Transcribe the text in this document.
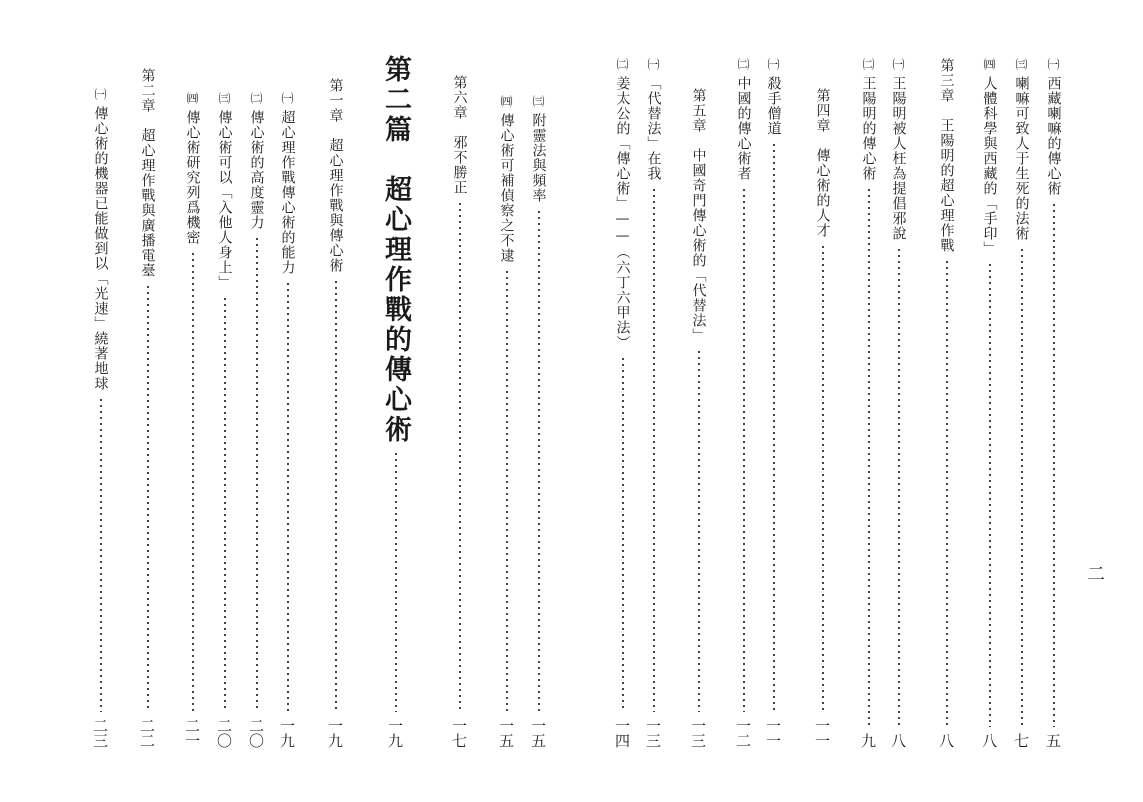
㈠
西藏喇嘛的傳心術
五
㈢
喇嘛可致人于生死的法術
七
㈣
人體科學與西藏的「手印」
八
第三章　王陽明的超心理作戰
八
㈠
王陽明被人枉為提倡邪說
八
㈡
王陽明的傳心術
九
第四章　傳心術的人才
一一
㈠
殺手僧道
一一
㈡
中國的傳心術者
一二
第五章　中國奇門傳心術的「代替法」
一三
㈠
「代替法」在我
一三
㈡
姜太公的「傳心術」——（六丁六甲法）
一四
㈢
附靈法與頻率
一五
㈣
傳心術可補偵察之不逮
一五
第六章　邪不勝正
一七
第二篇　超心理作戰的傳心術
一九
第一章　超心理作戰與傳心術
一九
㈠
超心理作戰傳心術的能力
一九
㈡
傳心術的高度靈力
二〇
㈢
傳心術可以「入他人身上」
二〇
㈣
傳心術研究列爲機密
二一
第二章　超心理作戰與廣播電臺
二二
㈠
傳心術的機器已能做到以「光速」繞著地球
二三
二
